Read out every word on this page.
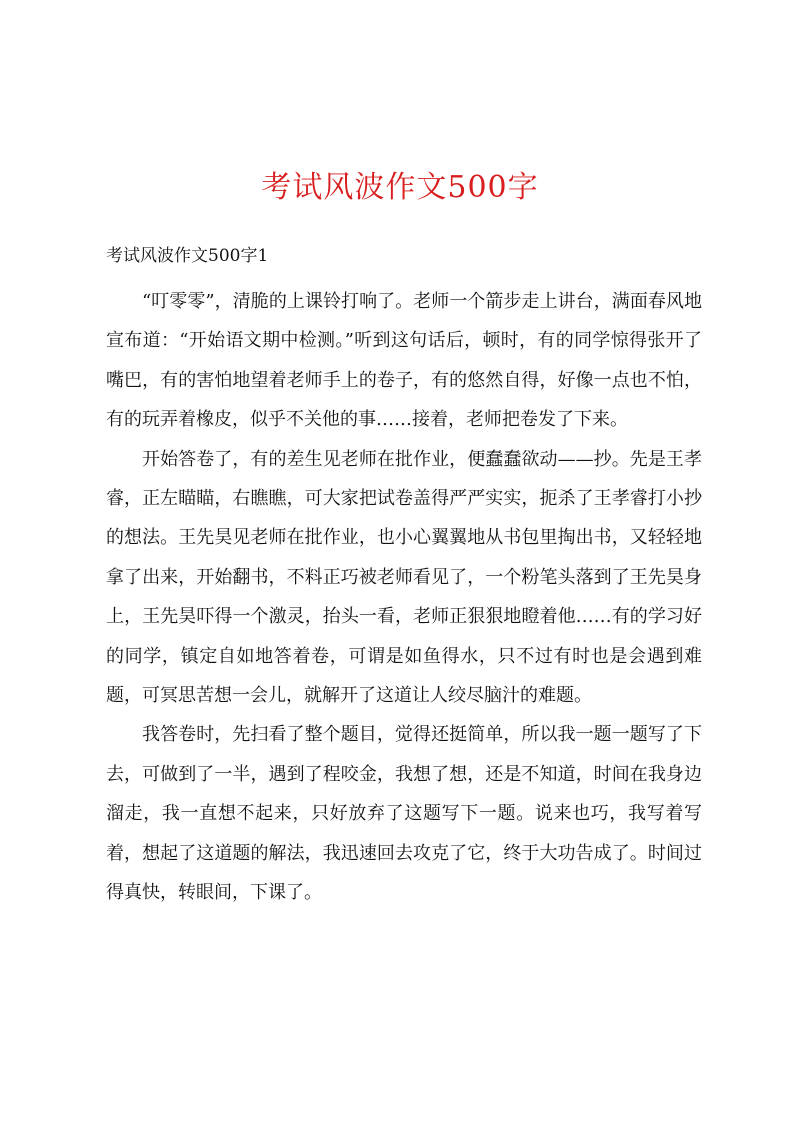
考试风波作文500字
考试风波作文500字1

“叮零零”，清脆的上课铃打响了。老师一个箭步走上讲台，满面春风地宣布道：“开始语文期中检测。”听到这句话后，顿时，有的同学惊得张开了嘴巴，有的害怕地望着老师手上的卷子，有的悠然自得，好像一点也不怕，有的玩弄着橡皮，似乎不关他的事……接着，老师把卷发了下来。

开始答卷了，有的差生见老师在批作业，便蠢蠢欲动——抄。先是王孝睿，正左瞄瞄，右瞧瞧，可大家把试卷盖得严严实实，扼杀了王孝睿打小抄的想法。王先昊见老师在批作业，也小心翼翼地从书包里掏出书，又轻轻地拿了出来，开始翻书，不料正巧被老师看见了，一个粉笔头落到了王先昊身上，王先昊吓得一个激灵，抬头一看，老师正狠狠地瞪着他……有的学习好的同学，镇定自如地答着卷，可谓是如鱼得水，只不过有时也是会遇到难题，可冥思苦想一会儿，就解开了这道让人绞尽脑汁的难题。

我答卷时，先扫看了整个题目，觉得还挺简单，所以我一题一题写了下去，可做到了一半，遇到了程咬金，我想了想，还是不知道，时间在我身边溜走，我一直想不起来，只好放弃了这题写下一题。说来也巧，我写着写着，想起了这道题的解法，我迅速回去攻克了它，终于大功告成了。时间过得真快，转眼间，下课了。
